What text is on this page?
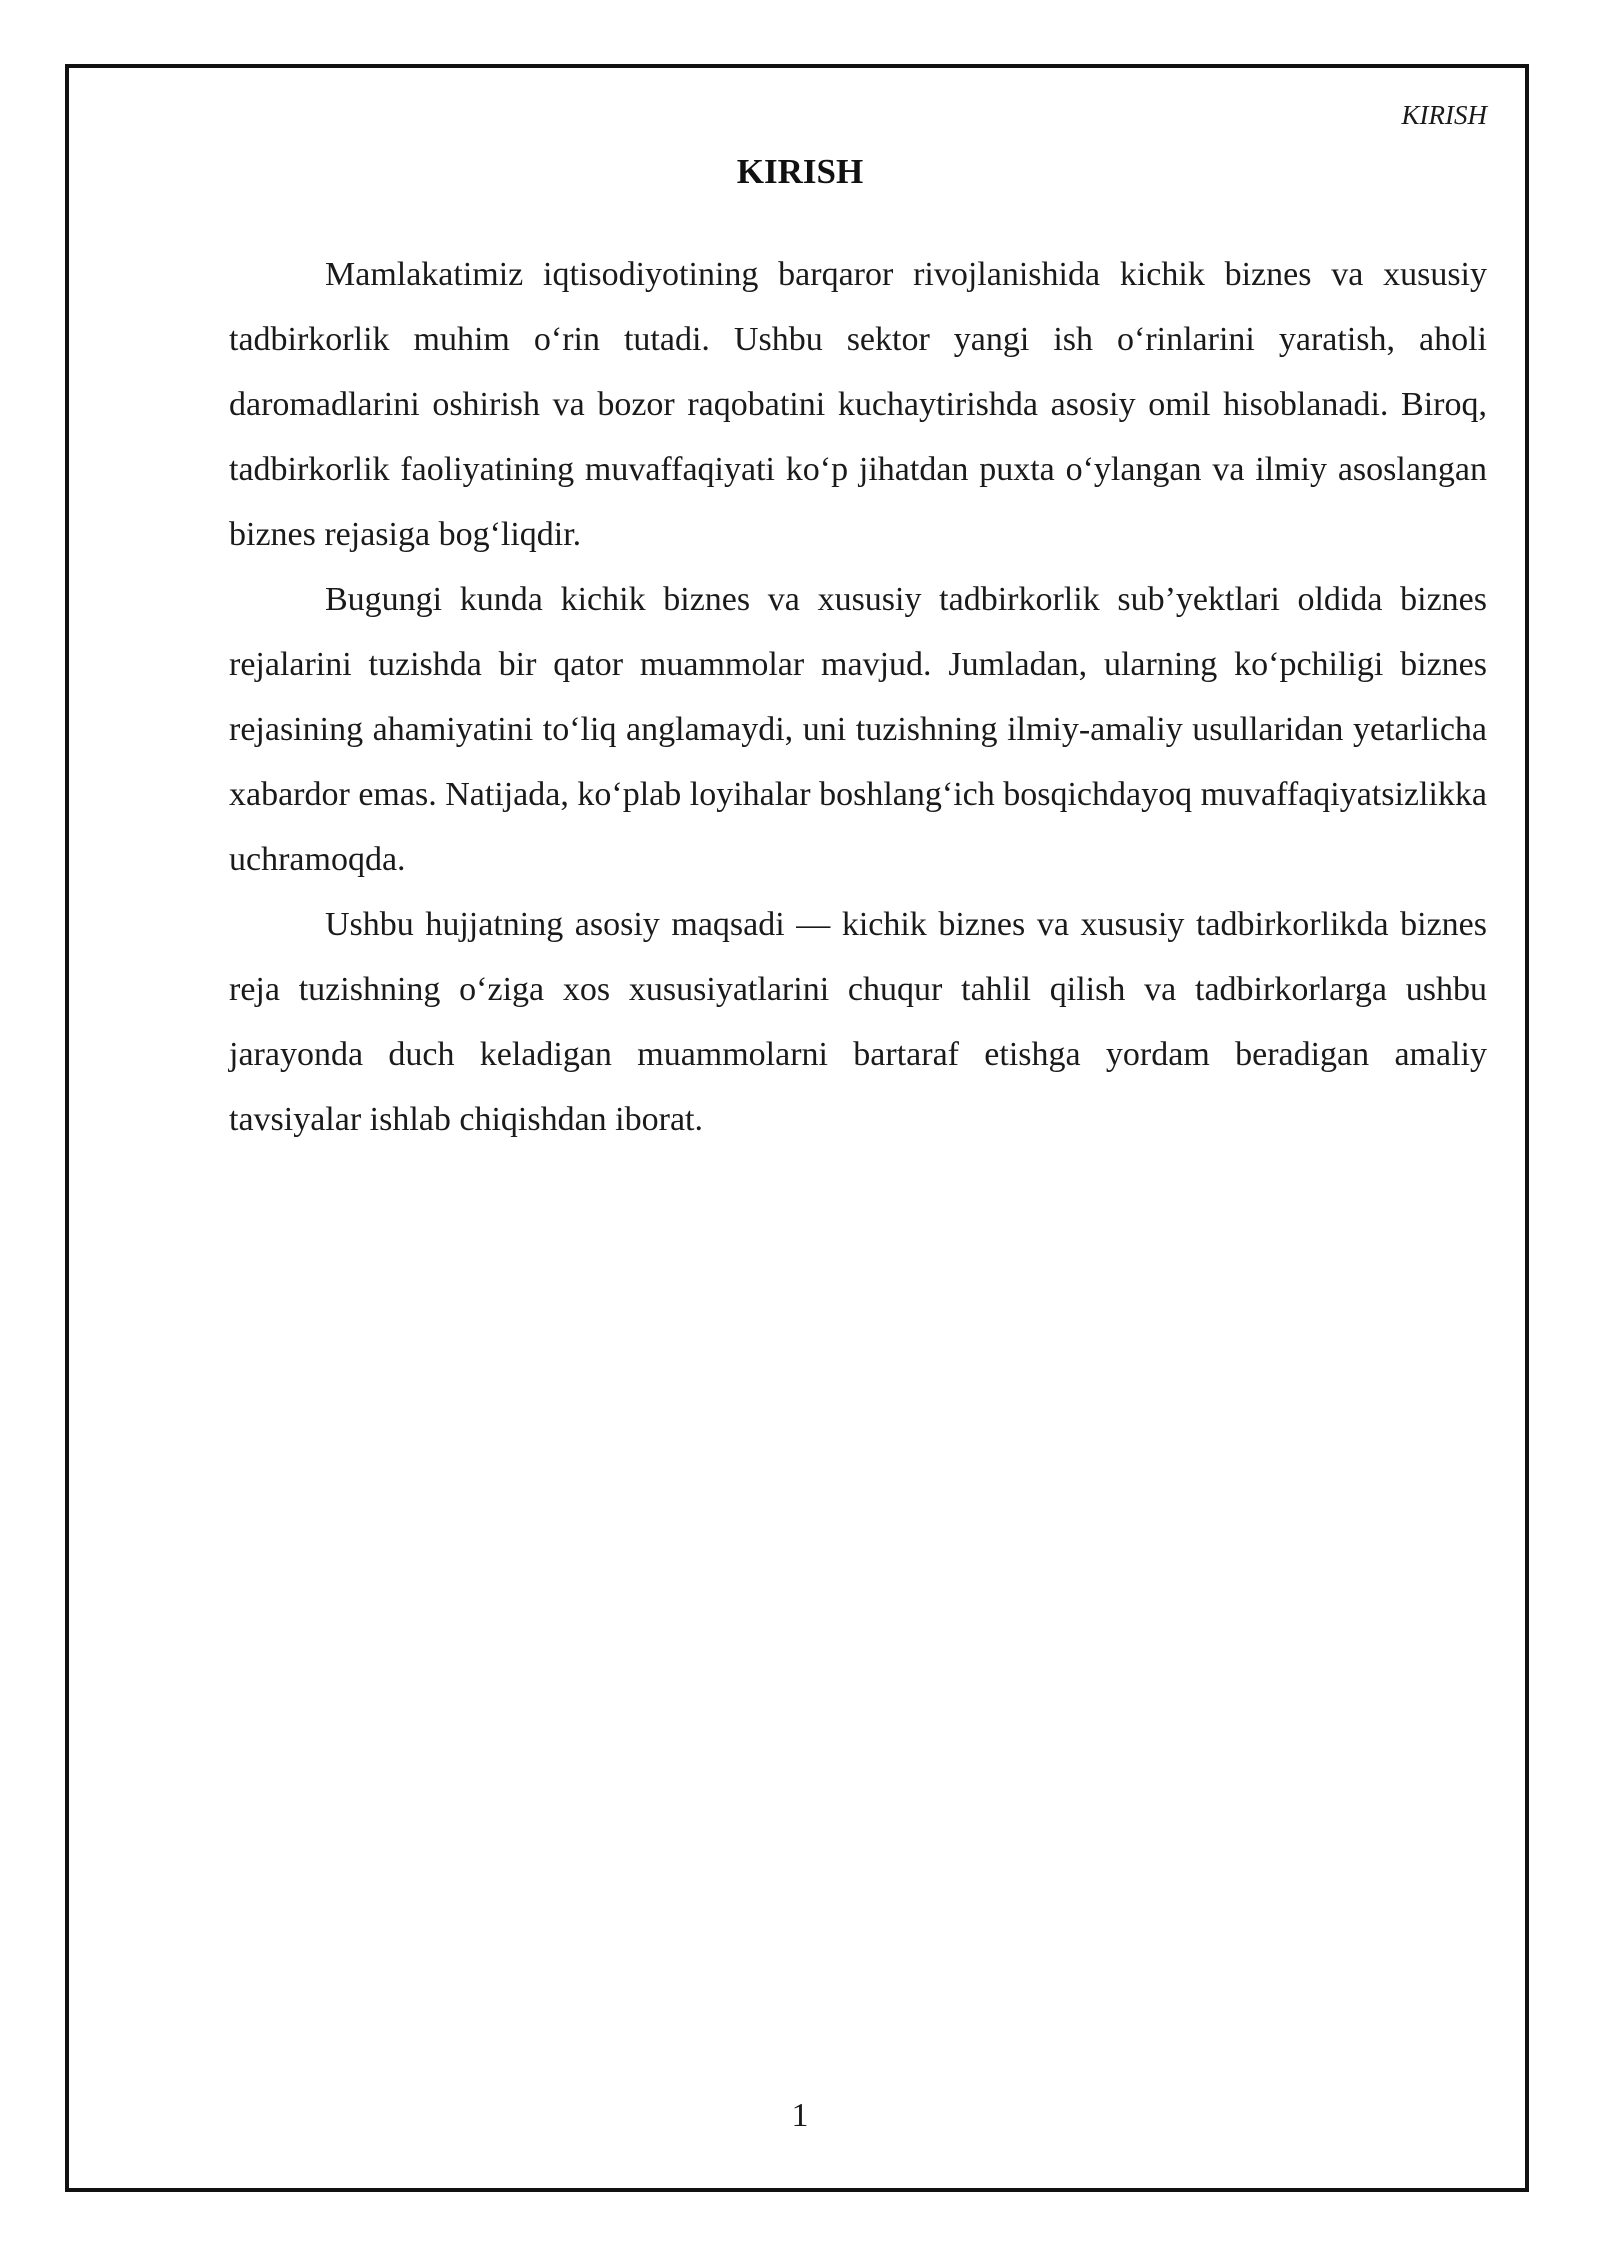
KIRISH
KIRISH

Mamlakatimiz iqtisodiyotining barqaror rivojlanishida kichik biznes va xususiy tadbirkorlik muhim o‘rin tutadi. Ushbu sektor yangi ish o‘rinlarini yaratish, aholi daromadlarini oshirish va bozor raqobatini kuchaytirishda asosiy omil hisoblanadi. Biroq, tadbirkorlik faoliyatining muvaffaqiyati ko‘p jihatdan puxta o‘ylangan va ilmiy asoslangan biznes rejasiga bog‘liqdir.

Bugungi kunda kichik biznes va xususiy tadbirkorlik sub’yektlari oldida biznes rejalarini tuzishda bir qator muammolar mavjud. Jumladan, ularning ko‘pchiligi biznes rejasining ahamiyatini to‘liq anglamaydi, uni tuzishning ilmiy-amaliy usullaridan yetarlicha xabardor emas. Natijada, ko‘plab loyihalar boshlang‘ich bosqichdayoq muvaffaqiyatsizlikka uchramoqda.

Ushbu hujjatning asosiy maqsadi — kichik biznes va xususiy tadbirkorlikda biznes reja tuzishning o‘ziga xos xususiyatlarini chuqur tahlil qilish va tadbirkorlarga ushbu jarayonda duch keladigan muammolarni bartaraf etishga yordam beradigan amaliy tavsiyalar ishlab chiqishdan iborat.

1
